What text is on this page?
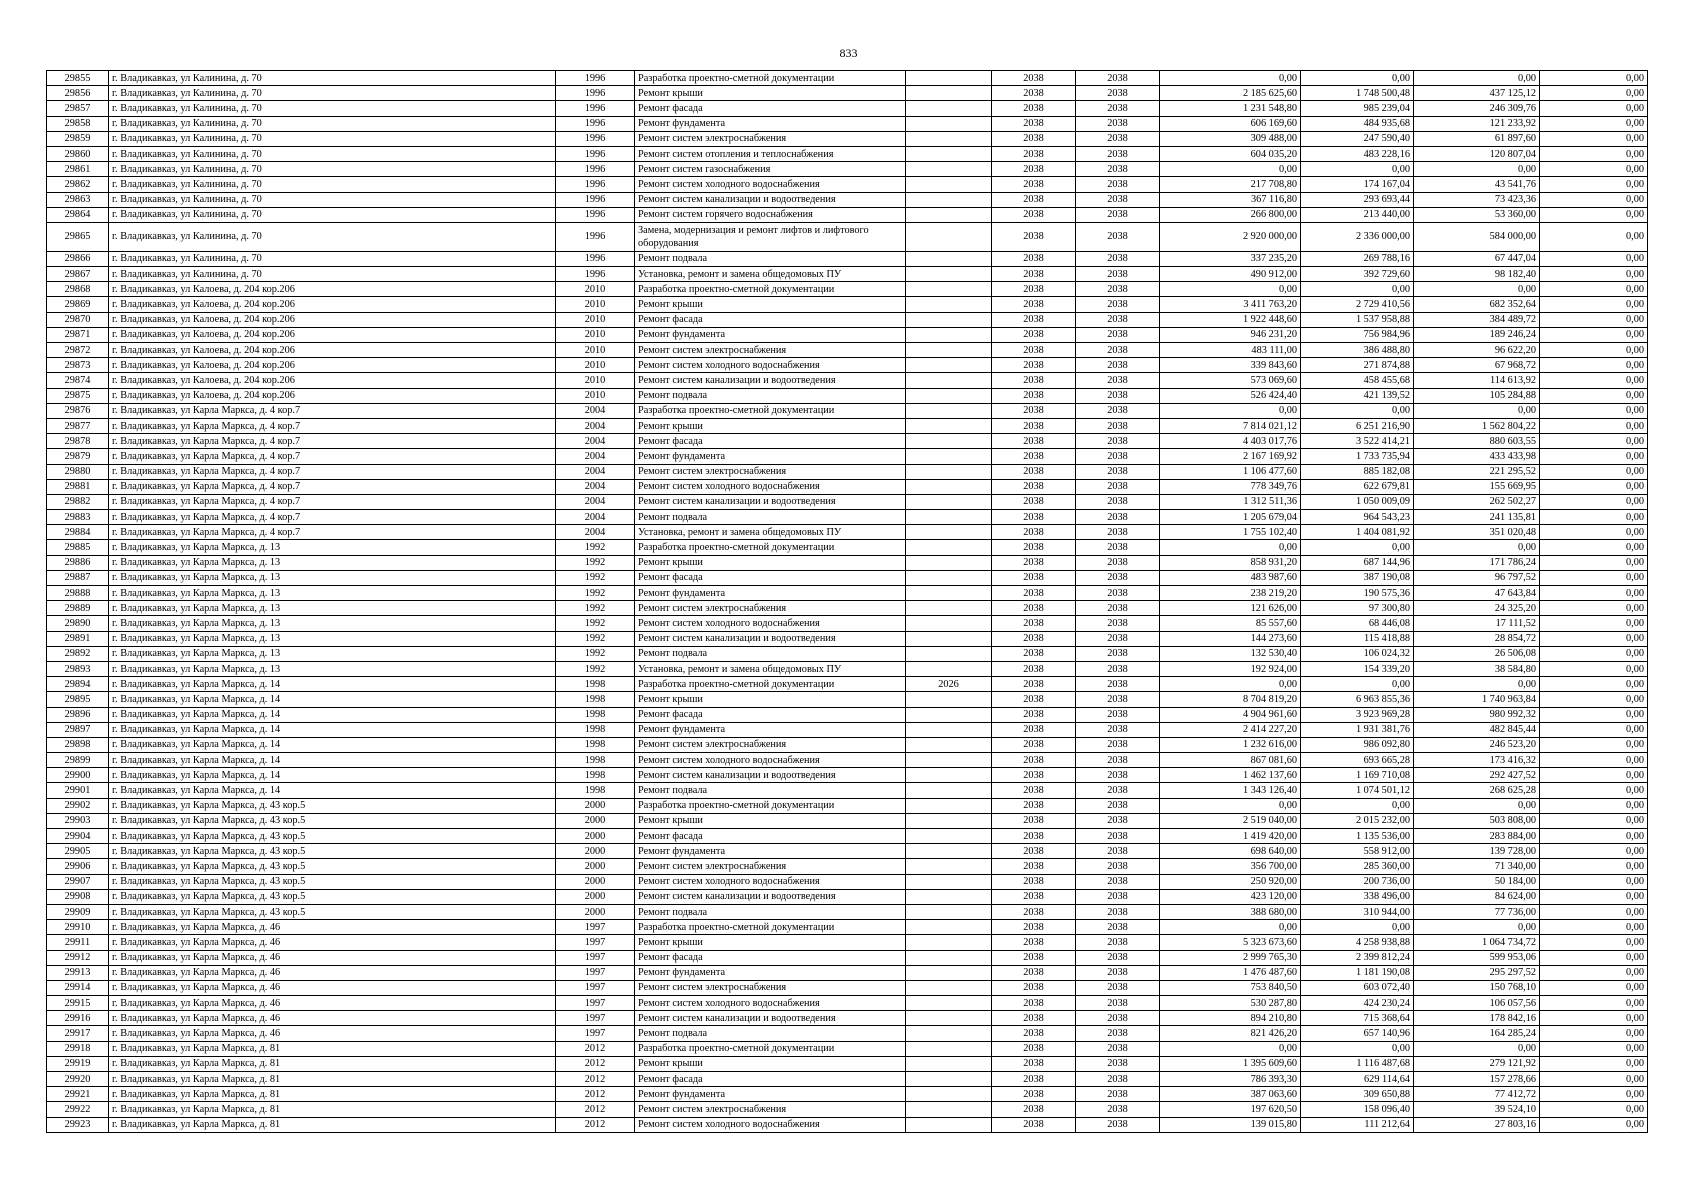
833
29855	г. Владикавказ, ул Калинина, д. 70	1996	Разработка проектно-сметной документации		2038	2038	0,00	0,00	0,00	0,00
29856	г. Владикавказ, ул Калинина, д. 70	1996	Ремонт крыши		2038	2038	2 185 625,60	1 748 500,48	437 125,12	0,00
29857	г. Владикавказ, ул Калинина, д. 70	1996	Ремонт фасада		2038	2038	1 231 548,80	985 239,04	246 309,76	0,00
29858	г. Владикавказ, ул Калинина, д. 70	1996	Ремонт фундамента		2038	2038	606 169,60	484 935,68	121 233,92	0,00
29859	г. Владикавказ, ул Калинина, д. 70	1996	Ремонт систем электроснабжения		2038	2038	309 488,00	247 590,40	61 897,60	0,00
29860	г. Владикавказ, ул Калинина, д. 70	1996	Ремонт систем отопления и теплоснабжения		2038	2038	604 035,20	483 228,16	120 807,04	0,00
29861	г. Владикавказ, ул Калинина, д. 70	1996	Ремонт систем газоснабжения		2038	2038	0,00	0,00	0,00	0,00
29862	г. Владикавказ, ул Калинина, д. 70	1996	Ремонт систем холодного водоснабжения		2038	2038	217 708,80	174 167,04	43 541,76	0,00
29863	г. Владикавказ, ул Калинина, д. 70	1996	Ремонт систем канализации и водоотведения		2038	2038	367 116,80	293 693,44	73 423,36	0,00
29864	г. Владикавказ, ул Калинина, д. 70	1996	Ремонт систем горячего водоснабжения		2038	2038	266 800,00	213 440,00	53 360,00	0,00
29865	г. Владикавказ, ул Калинина, д. 70	1996	Замена, модернизация и ремонт лифтов и лифтового оборудования		2038	2038	2 920 000,00	2 336 000,00	584 000,00	0,00
29866	г. Владикавказ, ул Калинина, д. 70	1996	Ремонт подвала		2038	2038	337 235,20	269 788,16	67 447,04	0,00
29867	г. Владикавказ, ул Калинина, д. 70	1996	Установка, ремонт и замена общедомовых ПУ		2038	2038	490 912,00	392 729,60	98 182,40	0,00
29868	г. Владикавказ, ул Калоева, д. 204 кор.206	2010	Разработка проектно-сметной документации		2038	2038	0,00	0,00	0,00	0,00
29869	г. Владикавказ, ул Калоева, д. 204 кор.206	2010	Ремонт крыши		2038	2038	3 411 763,20	2 729 410,56	682 352,64	0,00
29870	г. Владикавказ, ул Калоева, д. 204 кор.206	2010	Ремонт фасада		2038	2038	1 922 448,60	1 537 958,88	384 489,72	0,00
29871	г. Владикавказ, ул Калоева, д. 204 кор.206	2010	Ремонт фундамента		2038	2038	946 231,20	756 984,96	189 246,24	0,00
29872	г. Владикавказ, ул Калоева, д. 204 кор.206	2010	Ремонт систем электроснабжения		2038	2038	483 111,00	386 488,80	96 622,20	0,00
29873	г. Владикавказ, ул Калоева, д. 204 кор.206	2010	Ремонт систем холодного водоснабжения		2038	2038	339 843,60	271 874,88	67 968,72	0,00
29874	г. Владикавказ, ул Калоева, д. 204 кор.206	2010	Ремонт систем канализации и водоотведения		2038	2038	573 069,60	458 455,68	114 613,92	0,00
29875	г. Владикавказ, ул Калоева, д. 204 кор.206	2010	Ремонт подвала		2038	2038	526 424,40	421 139,52	105 284,88	0,00
29876	г. Владикавказ, ул Карла Маркса, д. 4 кор.7	2004	Разработка проектно-сметной документации		2038	2038	0,00	0,00	0,00	0,00
29877	г. Владикавказ, ул Карла Маркса, д. 4 кор.7	2004	Ремонт крыши		2038	2038	7 814 021,12	6 251 216,90	1 562 804,22	0,00
29878	г. Владикавказ, ул Карла Маркса, д. 4 кор.7	2004	Ремонт фасада		2038	2038	4 403 017,76	3 522 414,21	880 603,55	0,00
29879	г. Владикавказ, ул Карла Маркса, д. 4 кор.7	2004	Ремонт фундамента		2038	2038	2 167 169,92	1 733 735,94	433 433,98	0,00
29880	г. Владикавказ, ул Карла Маркса, д. 4 кор.7	2004	Ремонт систем электроснабжения		2038	2038	1 106 477,60	885 182,08	221 295,52	0,00
29881	г. Владикавказ, ул Карла Маркса, д. 4 кор.7	2004	Ремонт систем холодного водоснабжения		2038	2038	778 349,76	622 679,81	155 669,95	0,00
29882	г. Владикавказ, ул Карла Маркса, д. 4 кор.7	2004	Ремонт систем канализации и водоотведения		2038	2038	1 312 511,36	1 050 009,09	262 502,27	0,00
29883	г. Владикавказ, ул Карла Маркса, д. 4 кор.7	2004	Ремонт подвала		2038	2038	1 205 679,04	964 543,23	241 135,81	0,00
29884	г. Владикавказ, ул Карла Маркса, д. 4 кор.7	2004	Установка, ремонт и замена общедомовых ПУ		2038	2038	1 755 102,40	1 404 081,92	351 020,48	0,00
29885	г. Владикавказ, ул Карла Маркса, д. 13	1992	Разработка проектно-сметной документации		2038	2038	0,00	0,00	0,00	0,00
29886	г. Владикавказ, ул Карла Маркса, д. 13	1992	Ремонт крыши		2038	2038	858 931,20	687 144,96	171 786,24	0,00
29887	г. Владикавказ, ул Карла Маркса, д. 13	1992	Ремонт фасада		2038	2038	483 987,60	387 190,08	96 797,52	0,00
29888	г. Владикавказ, ул Карла Маркса, д. 13	1992	Ремонт фундамента		2038	2038	238 219,20	190 575,36	47 643,84	0,00
29889	г. Владикавказ, ул Карла Маркса, д. 13	1992	Ремонт систем электроснабжения		2038	2038	121 626,00	97 300,80	24 325,20	0,00
29890	г. Владикавказ, ул Карла Маркса, д. 13	1992	Ремонт систем холодного водоснабжения		2038	2038	85 557,60	68 446,08	17 111,52	0,00
29891	г. Владикавказ, ул Карла Маркса, д. 13	1992	Ремонт систем канализации и водоотведения		2038	2038	144 273,60	115 418,88	28 854,72	0,00
29892	г. Владикавказ, ул Карла Маркса, д. 13	1992	Ремонт подвала		2038	2038	132 530,40	106 024,32	26 506,08	0,00
29893	г. Владикавказ, ул Карла Маркса, д. 13	1992	Установка, ремонт и замена общедомовых ПУ		2038	2038	192 924,00	154 339,20	38 584,80	0,00
29894	г. Владикавказ, ул Карла Маркса, д. 14	1998	Разработка проектно-сметной документации	2026	2038	2038	0,00	0,00	0,00	0,00
29895	г. Владикавказ, ул Карла Маркса, д. 14	1998	Ремонт крыши		2038	2038	8 704 819,20	6 963 855,36	1 740 963,84	0,00
29896	г. Владикавказ, ул Карла Маркса, д. 14	1998	Ремонт фасада		2038	2038	4 904 961,60	3 923 969,28	980 992,32	0,00
29897	г. Владикавказ, ул Карла Маркса, д. 14	1998	Ремонт фундамента		2038	2038	2 414 227,20	1 931 381,76	482 845,44	0,00
29898	г. Владикавказ, ул Карла Маркса, д. 14	1998	Ремонт систем электроснабжения		2038	2038	1 232 616,00	986 092,80	246 523,20	0,00
29899	г. Владикавказ, ул Карла Маркса, д. 14	1998	Ремонт систем холодного водоснабжения		2038	2038	867 081,60	693 665,28	173 416,32	0,00
29900	г. Владикавказ, ул Карла Маркса, д. 14	1998	Ремонт систем канализации и водоотведения		2038	2038	1 462 137,60	1 169 710,08	292 427,52	0,00
29901	г. Владикавказ, ул Карла Маркса, д. 14	1998	Ремонт подвала		2038	2038	1 343 126,40	1 074 501,12	268 625,28	0,00
29902	г. Владикавказ, ул Карла Маркса, д. 43 кор.5	2000	Разработка проектно-сметной документации		2038	2038	0,00	0,00	0,00	0,00
29903	г. Владикавказ, ул Карла Маркса, д. 43 кор.5	2000	Ремонт крыши		2038	2038	2 519 040,00	2 015 232,00	503 808,00	0,00
29904	г. Владикавказ, ул Карла Маркса, д. 43 кор.5	2000	Ремонт фасада		2038	2038	1 419 420,00	1 135 536,00	283 884,00	0,00
29905	г. Владикавказ, ул Карла Маркса, д. 43 кор.5	2000	Ремонт фундамента		2038	2038	698 640,00	558 912,00	139 728,00	0,00
29906	г. Владикавказ, ул Карла Маркса, д. 43 кор.5	2000	Ремонт систем электроснабжения		2038	2038	356 700,00	285 360,00	71 340,00	0,00
29907	г. Владикавказ, ул Карла Маркса, д. 43 кор.5	2000	Ремонт систем холодного водоснабжения		2038	2038	250 920,00	200 736,00	50 184,00	0,00
29908	г. Владикавказ, ул Карла Маркса, д. 43 кор.5	2000	Ремонт систем канализации и водоотведения		2038	2038	423 120,00	338 496,00	84 624,00	0,00
29909	г. Владикавказ, ул Карла Маркса, д. 43 кор.5	2000	Ремонт подвала		2038	2038	388 680,00	310 944,00	77 736,00	0,00
29910	г. Владикавказ, ул Карла Маркса, д. 46	1997	Разработка проектно-сметной документации		2038	2038	0,00	0,00	0,00	0,00
29911	г. Владикавказ, ул Карла Маркса, д. 46	1997	Ремонт крыши		2038	2038	5 323 673,60	4 258 938,88	1 064 734,72	0,00
29912	г. Владикавказ, ул Карла Маркса, д. 46	1997	Ремонт фасада		2038	2038	2 999 765,30	2 399 812,24	599 953,06	0,00
29913	г. Владикавказ, ул Карла Маркса, д. 46	1997	Ремонт фундамента		2038	2038	1 476 487,60	1 181 190,08	295 297,52	0,00
29914	г. Владикавказ, ул Карла Маркса, д. 46	1997	Ремонт систем электроснабжения		2038	2038	753 840,50	603 072,40	150 768,10	0,00
29915	г. Владикавказ, ул Карла Маркса, д. 46	1997	Ремонт систем холодного водоснабжения		2038	2038	530 287,80	424 230,24	106 057,56	0,00
29916	г. Владикавказ, ул Карла Маркса, д. 46	1997	Ремонт систем канализации и водоотведения		2038	2038	894 210,80	715 368,64	178 842,16	0,00
29917	г. Владикавказ, ул Карла Маркса, д. 46	1997	Ремонт подвала		2038	2038	821 426,20	657 140,96	164 285,24	0,00
29918	г. Владикавказ, ул Карла Маркса, д. 81	2012	Разработка проектно-сметной документации		2038	2038	0,00	0,00	0,00	0,00
29919	г. Владикавказ, ул Карла Маркса, д. 81	2012	Ремонт крыши		2038	2038	1 395 609,60	1 116 487,68	279 121,92	0,00
29920	г. Владикавказ, ул Карла Маркса, д. 81	2012	Ремонт фасада		2038	2038	786 393,30	629 114,64	157 278,66	0,00
29921	г. Владикавказ, ул Карла Маркса, д. 81	2012	Ремонт фундамента		2038	2038	387 063,60	309 650,88	77 412,72	0,00
29922	г. Владикавказ, ул Карла Маркса, д. 81	2012	Ремонт систем электроснабжения		2038	2038	197 620,50	158 096,40	39 524,10	0,00
29923	г. Владикавказ, ул Карла Маркса, д. 81	2012	Ремонт систем холодного водоснабжения		2038	2038	139 015,80	111 212,64	27 803,16	0,00
